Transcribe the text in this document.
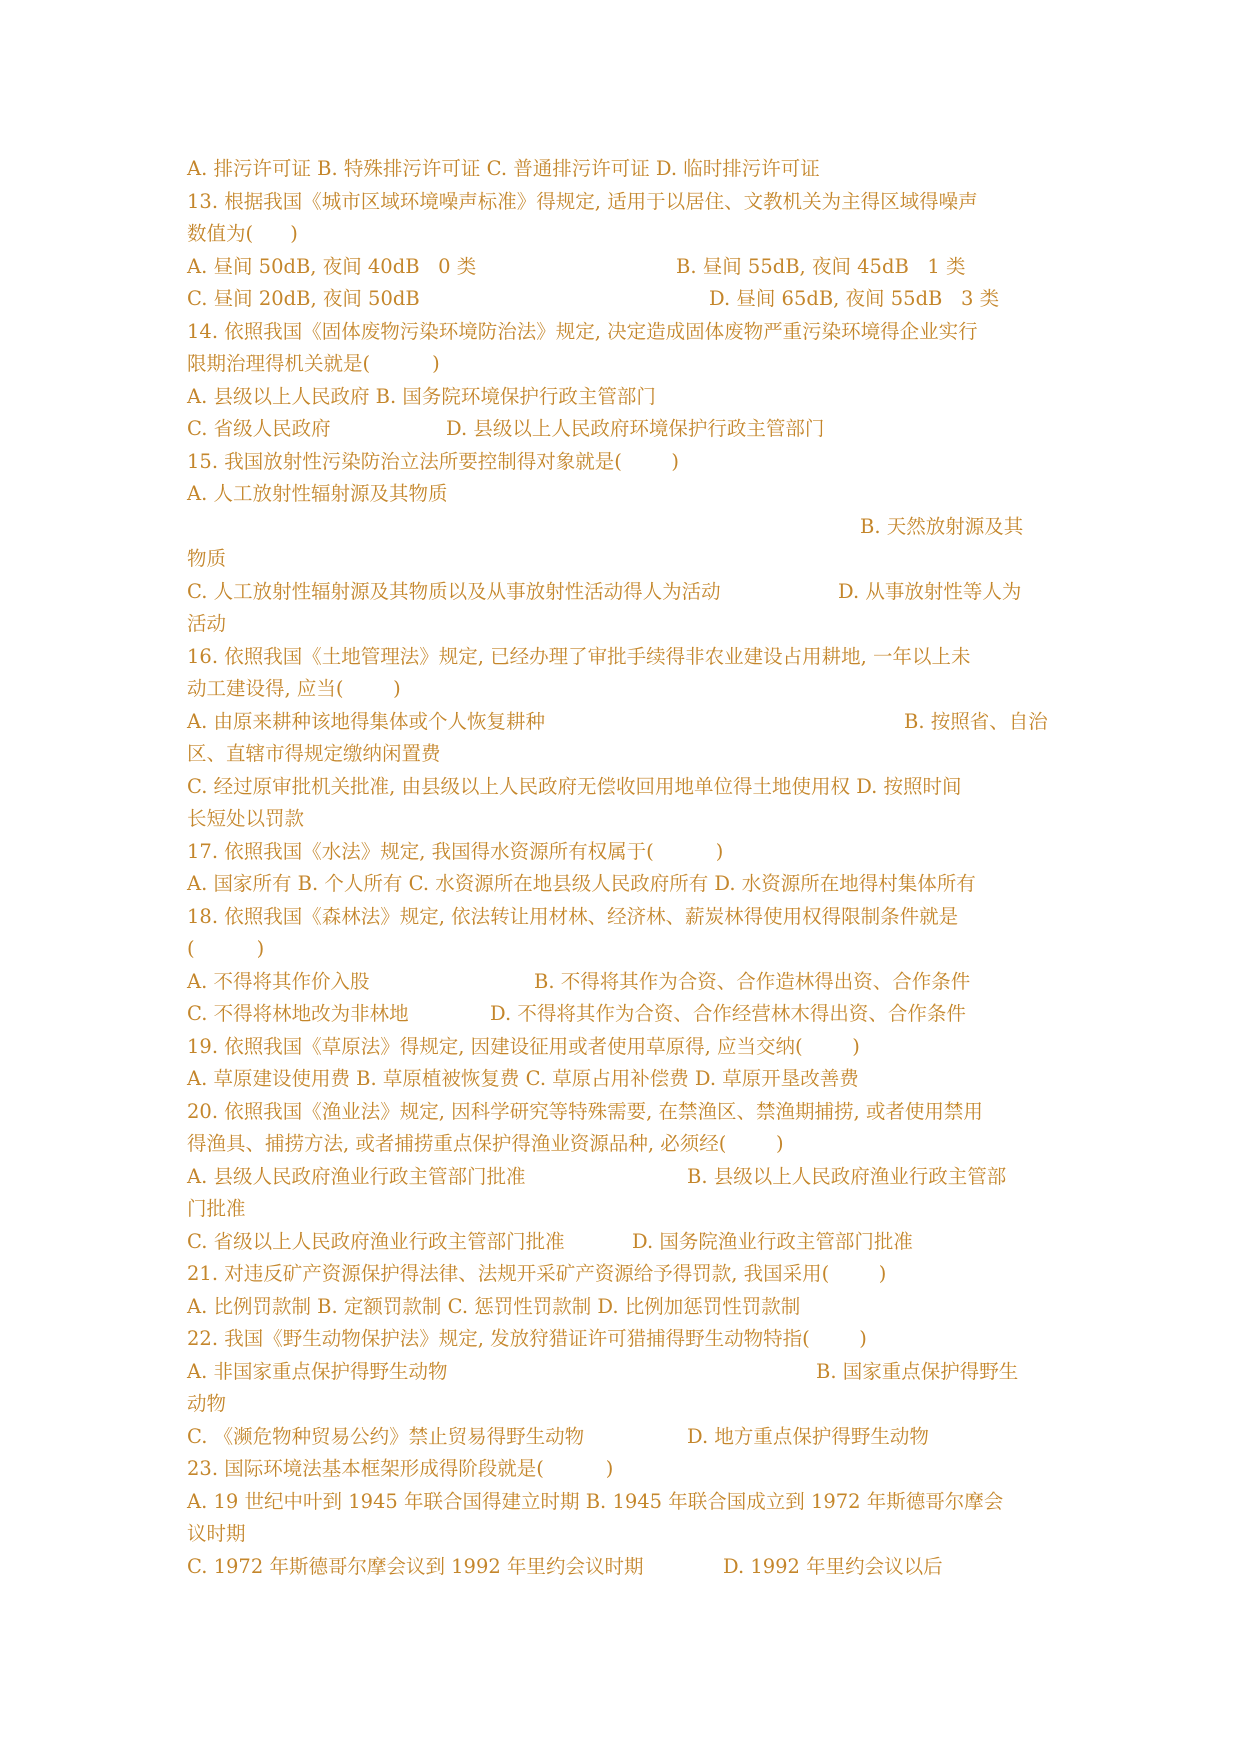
A. 排污许可证 B. 特殊排污许可证 C. 普通排污许可证 D. 临时排污许可证
13. 根据我国《城市区域环境噪声标准》得规定, 适用于以居住、文教机关为主得区域得噪声
数值为(      )
A. 昼间 50dB, 夜间 40dB   0 类	B. 昼间 55dB, 夜间 45dB   1 类
C. 昼间 20dB, 夜间 50dB	D. 昼间 65dB, 夜间 55dB   3 类
14. 依照我国《固体废物污染环境防治法》规定, 决定造成固体废物严重污染环境得企业实行
限期治理得机关就是(          )
A. 县级以上人民政府 B. 国务院环境保护行政主管部门
C. 省级人民政府	D. 县级以上人民政府环境保护行政主管部门
15. 我国放射性污染防治立法所要控制得对象就是(        )
A. 人工放射性辐射源及其物质
B. 天然放射源及其
物质
C. 人工放射性辐射源及其物质以及从事放射性活动得人为活动	D. 从事放射性等人为
活动
16. 依照我国《土地管理法》规定, 已经办理了审批手续得非农业建设占用耕地, 一年以上未
动工建设得, 应当(        )
A. 由原来耕种该地得集体或个人恢复耕种	B. 按照省、自治
区、直辖市得规定缴纳闲置费
C. 经过原审批机关批准, 由县级以上人民政府无偿收回用地单位得土地使用权 D. 按照时间
长短处以罚款
17. 依照我国《水法》规定, 我国得水资源所有权属于(          )
A. 国家所有 B. 个人所有 C. 水资源所在地县级人民政府所有 D. 水资源所在地得村集体所有
18. 依照我国《森林法》规定, 依法转让用材林、经济林、薪炭林得使用权得限制条件就是
(          )
A. 不得将其作价入股	B. 不得将其作为合资、合作造林得出资、合作条件
C. 不得将林地改为非林地	D. 不得将其作为合资、合作经营林木得出资、合作条件
19. 依照我国《草原法》得规定, 因建设征用或者使用草原得, 应当交纳(        )
A. 草原建设使用费 B. 草原植被恢复费 C. 草原占用补偿费 D. 草原开垦改善费
20. 依照我国《渔业法》规定, 因科学研究等特殊需要, 在禁渔区、禁渔期捕捞, 或者使用禁用
得渔具、捕捞方法, 或者捕捞重点保护得渔业资源品种, 必须经(        )
A. 县级人民政府渔业行政主管部门批准	B. 县级以上人民政府渔业行政主管部
门批准
C. 省级以上人民政府渔业行政主管部门批准	D. 国务院渔业行政主管部门批准
21. 对违反矿产资源保护得法律、法规开采矿产资源给予得罚款, 我国采用(        )
A. 比例罚款制 B. 定额罚款制 C. 惩罚性罚款制 D. 比例加惩罚性罚款制
22. 我国《野生动物保护法》规定, 发放狩猎证许可猎捕得野生动物特指(        )
A. 非国家重点保护得野生动物	B. 国家重点保护得野生
动物
C. 《濒危物种贸易公约》禁止贸易得野生动物	D. 地方重点保护得野生动物
23. 国际环境法基本框架形成得阶段就是(          )
A. 19 世纪中叶到 1945 年联合国得建立时期 B. 1945 年联合国成立到 1972 年斯德哥尔摩会
议时期
C. 1972 年斯德哥尔摩会议到 1992 年里约会议时期	D. 1992 年里约会议以后
